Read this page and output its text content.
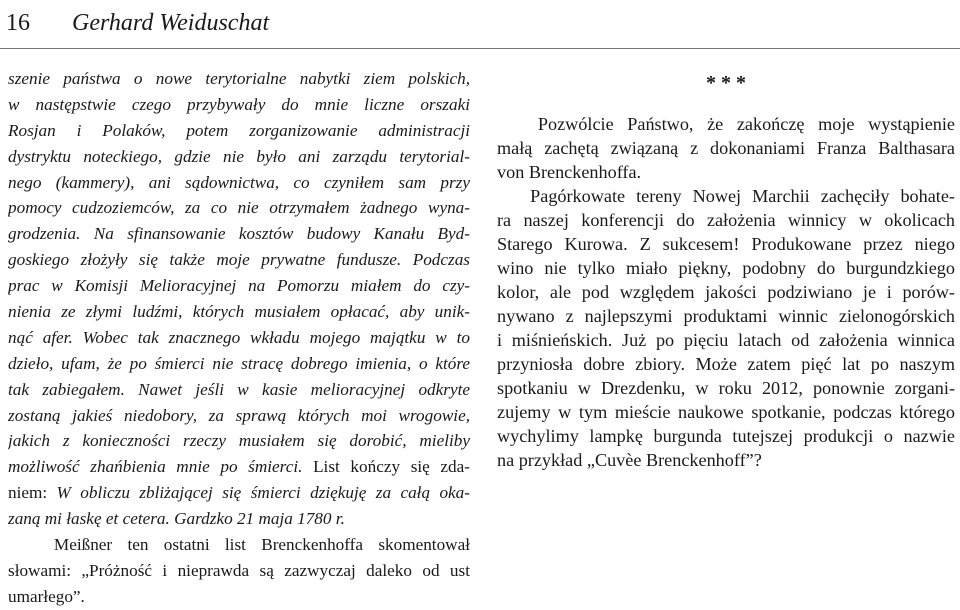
16 Gerhard Weiduschat
szenie państwa o nowe terytorialne nabytki ziem polskich,
w następstwie czego przybywały do mnie liczne orszaki
Rosjan i Polaków, potem zorganizowanie administracji
dystryktu noteckiego, gdzie nie było ani zarządu terytorial-
nego (kammery), ani sądownictwa, co czyniłem sam przy
pomocy cudzoziemców, za co nie otrzymałem żadnego wyna-
grodzenia. Na sfinansowanie kosztów budowy Kanału Byd-
goskiego złożyły się także moje prywatne fundusze. Podczas
prac w Komisji Melioracyjnej na Pomorzu miałem do czy-
nienia ze złymi ludźmi, których musiałem opłacać, aby unik-
nąć afer. Wobec tak znacznego wkładu mojego majątku w to
dzieło, ufam, że po śmierci nie stracę dobrego imienia, o które
tak zabiegałem. Nawet jeśli w kasie melioracyjnej odkryte
zostaną jakieś niedobory, za sprawą których moi wrogowie,
jakich z konieczności rzeczy musiałem się dorobić, mieliby
możliwość zhańbienia mnie po śmierci. List kończy się zda-
niem: W obliczu zbliżającej się śmierci dziękuję za całą oka-
zaną mi łaskę et cetera. Gardzko 21 maja 1780 r.
Meißner ten ostatni list Brenckenhoffa skomentował
słowami: „Próżność i nieprawda są zazwyczaj daleko od ust
umarłego”.
* * *
Pozwólcie Państwo, że zakończę moje wystąpienie
małą zachętą związaną z dokonaniami Franza Balthasara
von Brenckenhoffa.
Pagórkowate tereny Nowej Marchii zachęciły bohate-
ra naszej konferencji do założenia winnicy w okolicach
Starego Kurowa. Z sukcesem! Produkowane przez niego
wino nie tylko miało piękny, podobny do burgundzkiego
kolor, ale pod względem jakości podziwiano je i porów-
nywano z najlepszymi produktami winnic zielonogórskich
i miśnieńskich. Już po pięciu latach od założenia winnica
przyniosła dobre zbiory. Może zatem pięć lat po naszym
spotkaniu w Drezdenku, w roku 2012, ponownie zorgani-
zujemy w tym mieście naukowe spotkanie, podczas którego
wychylimy lampkę burgunda tutejszej produkcji o nazwie
na przykład „Cuvèe Brenckenhoff”?
